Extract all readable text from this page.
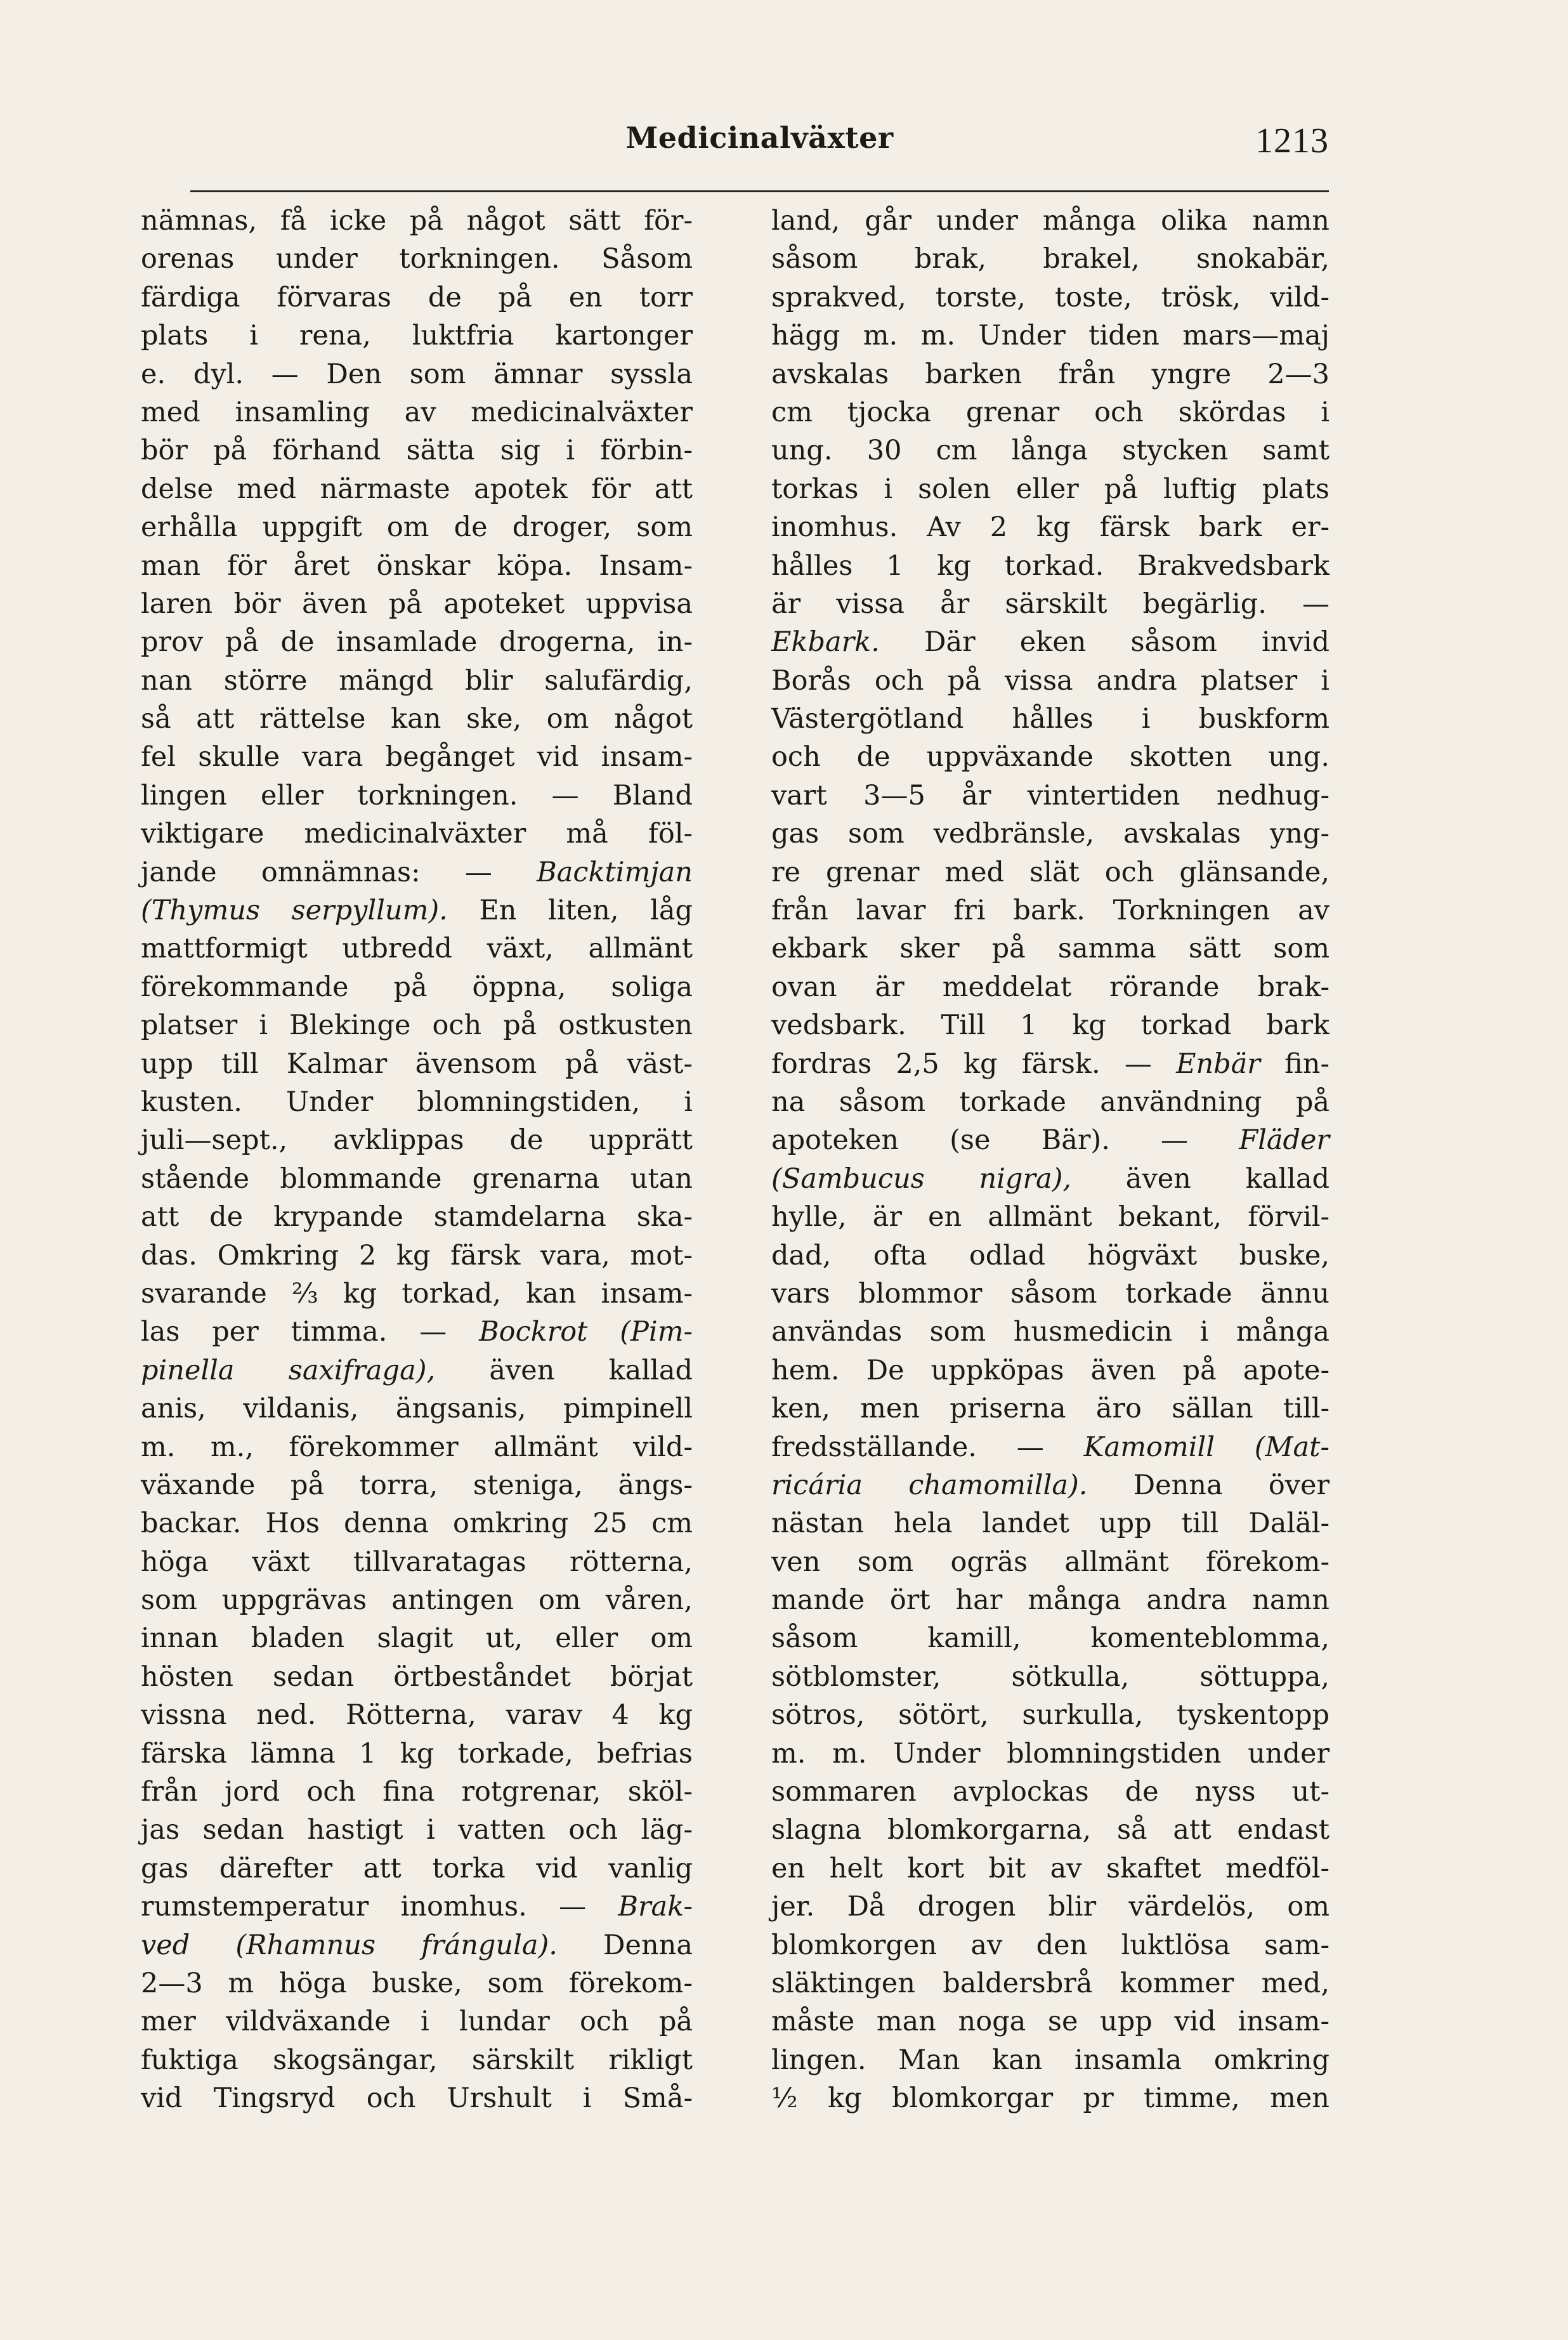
Medicinalväxter	1213
nämnas, få icke på något sätt för-
orenas under torkningen. Såsom
färdiga förvaras de på en torr
plats i rena, luktfria kartonger
e. dyl. — Den som ämnar syssla
med insamling av medicinalväxter
bör på förhand sätta sig i förbin-
delse med närmaste apotek för att
erhålla uppgift om de droger, som
man för året önskar köpa. Insam-
laren bör även på apoteket uppvisa
prov på de insamlade drogerna, in-
nan större mängd blir salufärdig,
så att rättelse kan ske, om något
fel skulle vara begånget vid insam-
lingen eller torkningen. — Bland
viktigare medicinalväxter må föl-
jande omnämnas: — Backtimjan
(Thymus serpyllum). En liten, låg
mattformigt utbredd växt, allmänt
förekommande på öppna, soliga
platser i Blekinge och på ostkusten
upp till Kalmar ävensom på väst-
kusten. Under blomningstiden, i
juli—sept., avklippas de upprätt
stående blommande grenarna utan
att de krypande stamdelarna ska-
das. Omkring 2 kg färsk vara, mot-
svarande ⅔ kg torkad, kan insam-
las per timma. — Bockrot (Pim-
pinella saxifraga), även kallad
anis, vildanis, ängsanis, pimpinell
m. m., förekommer allmänt vild-
växande på torra, steniga, ängs-
backar. Hos denna omkring 25 cm
höga växt tillvaratagas rötterna,
som uppgrävas antingen om våren,
innan bladen slagit ut, eller om
hösten sedan örtbeståndet börjat
vissna ned. Rötterna, varav 4 kg
färska lämna 1 kg torkade, befrias
från jord och fina rotgrenar, sköl-
jas sedan hastigt i vatten och läg-
gas därefter att torka vid vanlig
rumstemperatur inomhus. — Brak-
ved (Rhamnus frángula). Denna
2—3 m höga buske, som förekom-
mer vildväxande i lundar och på
fuktiga skogsängar, särskilt rikligt
vid Tingsryd och Urshult i Små-
land, går under många olika namn
såsom brak, brakel, snokabär,
sprakved, torste, toste, trösk, vild-
hägg m. m. Under tiden mars—maj
avskalas barken från yngre 2—3
cm tjocka grenar och skördas i
ung. 30 cm långa stycken samt
torkas i solen eller på luftig plats
inomhus. Av 2 kg färsk bark er-
hålles 1 kg torkad. Brakvedsbark
är vissa år särskilt begärlig. —
Ekbark. Där eken såsom invid
Borås och på vissa andra platser i
Västergötland hålles i buskform
och de uppväxande skotten ung.
vart 3—5 år vintertiden nedhug-
gas som vedbränsle, avskalas yng-
re grenar med slät och glänsande,
från lavar fri bark. Torkningen av
ekbark sker på samma sätt som
ovan är meddelat rörande brak-
vedsbark. Till 1 kg torkad bark
fordras 2,5 kg färsk. — Enbär fin-
na såsom torkade användning på
apoteken (se Bär). — Fläder
(Sambucus nigra), även kallad
hylle, är en allmänt bekant, förvil-
dad, ofta odlad högväxt buske,
vars blommor såsom torkade ännu
användas som husmedicin i många
hem. De uppköpas även på apote-
ken, men priserna äro sällan till-
fredsställande. — Kamomill (Mat-
ricária chamomilla). Denna över
nästan hela landet upp till Daläl-
ven som ogräs allmänt förekom-
mande ört har många andra namn
såsom kamill, komenteblomma,
sötblomster, sötkulla, söttuppa,
sötros, sötört, surkulla, tyskentopp
m. m. Under blomningstiden under
sommaren avplockas de nyss ut-
slagna blomkorgarna, så att endast
en helt kort bit av skaftet medföl-
jer. Då drogen blir värdelös, om
blomkorgen av den luktlösa sam-
släktingen baldersbrå kommer med,
måste man noga se upp vid insam-
lingen. Man kan insamla omkring
½ kg blomkorgar pr timme, men
